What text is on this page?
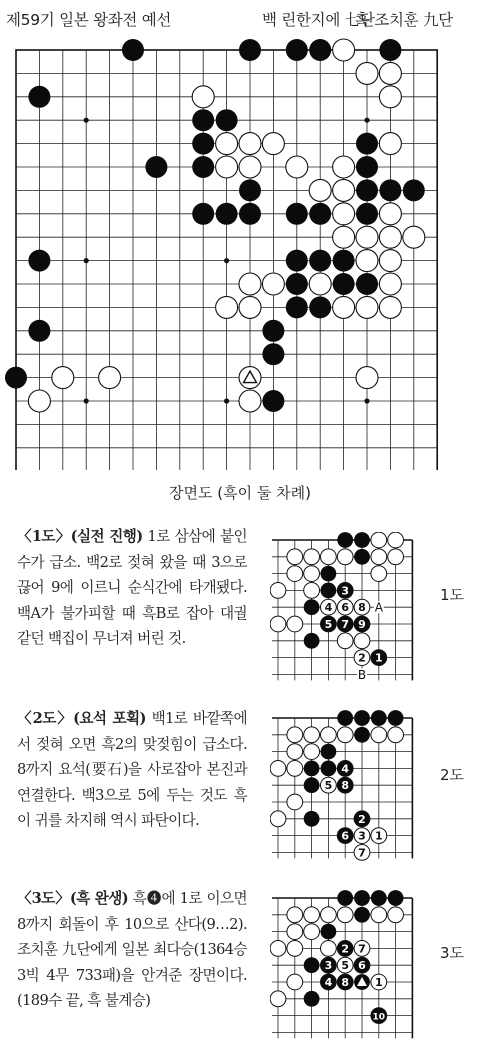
제59기 일본 왕좌전 예선	백 린한지에 七단
흑 조치훈 九단
장면도 (흑이 둘 차례)
〈1도〉(실전 진행) 1로 삼삼에 붙인 수가 급소. 백2로 젖혀 왔을 때 3으로 끊어 9에 이르니 순식간에 타개됐다. 백A가 불가피할 때 흑B로 잡아 대궐 같던 백집이 무너져 버린 것.
〈2도〉(요석 포획) 백1로 바깥쪽에서 젖혀 오면 흑2의 맞젖힘이 급소다. 8까지 요석(要石)을 사로잡아 본진과 연결한다. 백3으로 5에 두는 것도 흑이 귀를 차지해 역시 파탄이다.
〈3도〉(흑 완생) 흑❹에 1로 이으면 8까지 회돌이 후 10으로 산다(9…2). 조치훈 九단에게 일본 최다승(1364승 3빅 4무 733패)을 안겨준 장면이다. (189수 끝, 흑 불계승)
3
4 6 8
5 7 9
2 1
A
B
4
5 8
2
6 3 1
7
2 7
3 5 6
4 8 1
10
1도
2도
3도
